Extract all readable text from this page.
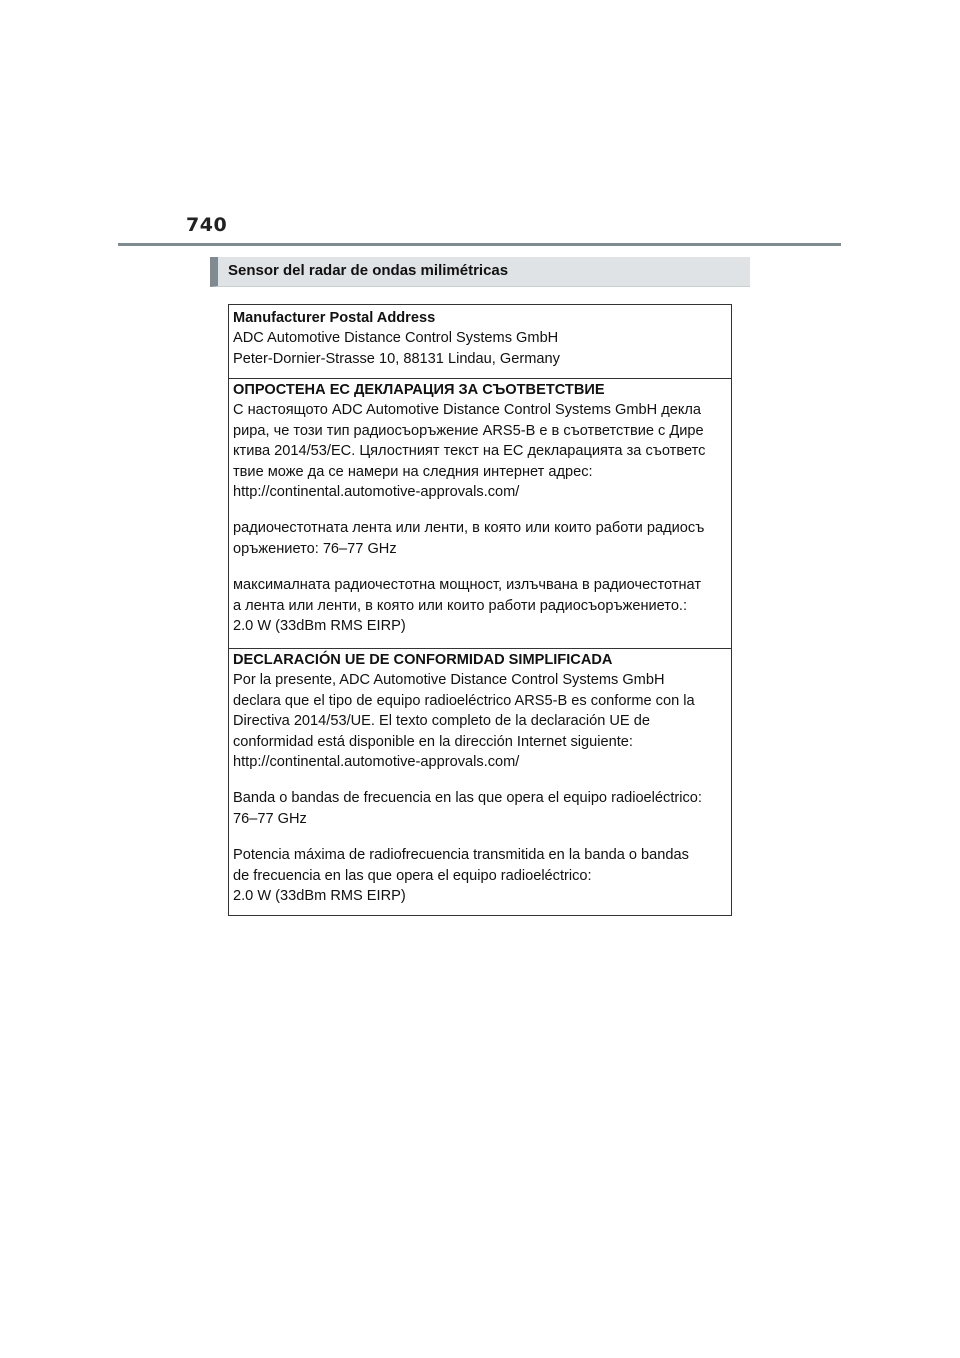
740
Sensor del radar de ondas milimétricas
Manufacturer Postal Address
ADC Automotive Distance Control Systems GmbH
Peter-Dornier-Strasse 10, 88131 Lindau, Germany
ОПРОСТЕНА ЕС ДЕКЛАРАЦИЯ ЗА СЪОТВЕТСТВИЕ
С настоящото ADC Automotive Distance Control Systems GmbH декла
рира, че този тип радиосъоръжение ARS5-B е в съответствие с Дире
ктива 2014/53/ЕС. Цялостният текст на ЕС декларацията за съответс
твие може да се намери на следния интернет адрес:
http://continental.automotive-approvals.com/
радиочестотната лента или ленти, в която или които работи радиосъ
оръжението: 76–77 GHz
максималната радиочестотна мощност, излъчвана в радиочестотнат
а лента или ленти, в която или които работи радиосъоръжението.:
2.0 W (33dBm RMS EIRP)
DECLARACIÓN UE DE CONFORMIDAD SIMPLIFICADA
Por la presente, ADC Automotive Distance Control Systems GmbH
declara que el tipo de equipo radioeléctrico ARS5-B es conforme con la
Directiva 2014/53/UE. El texto completo de la declaración UE de
conformidad está disponible en la dirección Internet siguiente:
http://continental.automotive-approvals.com/
Banda o bandas de frecuencia en las que opera el equipo radioeléctrico:
76–77 GHz
Potencia máxima de radiofrecuencia transmitida en la banda o bandas
de frecuencia en las que opera el equipo radioeléctrico:
2.0 W (33dBm RMS EIRP)
